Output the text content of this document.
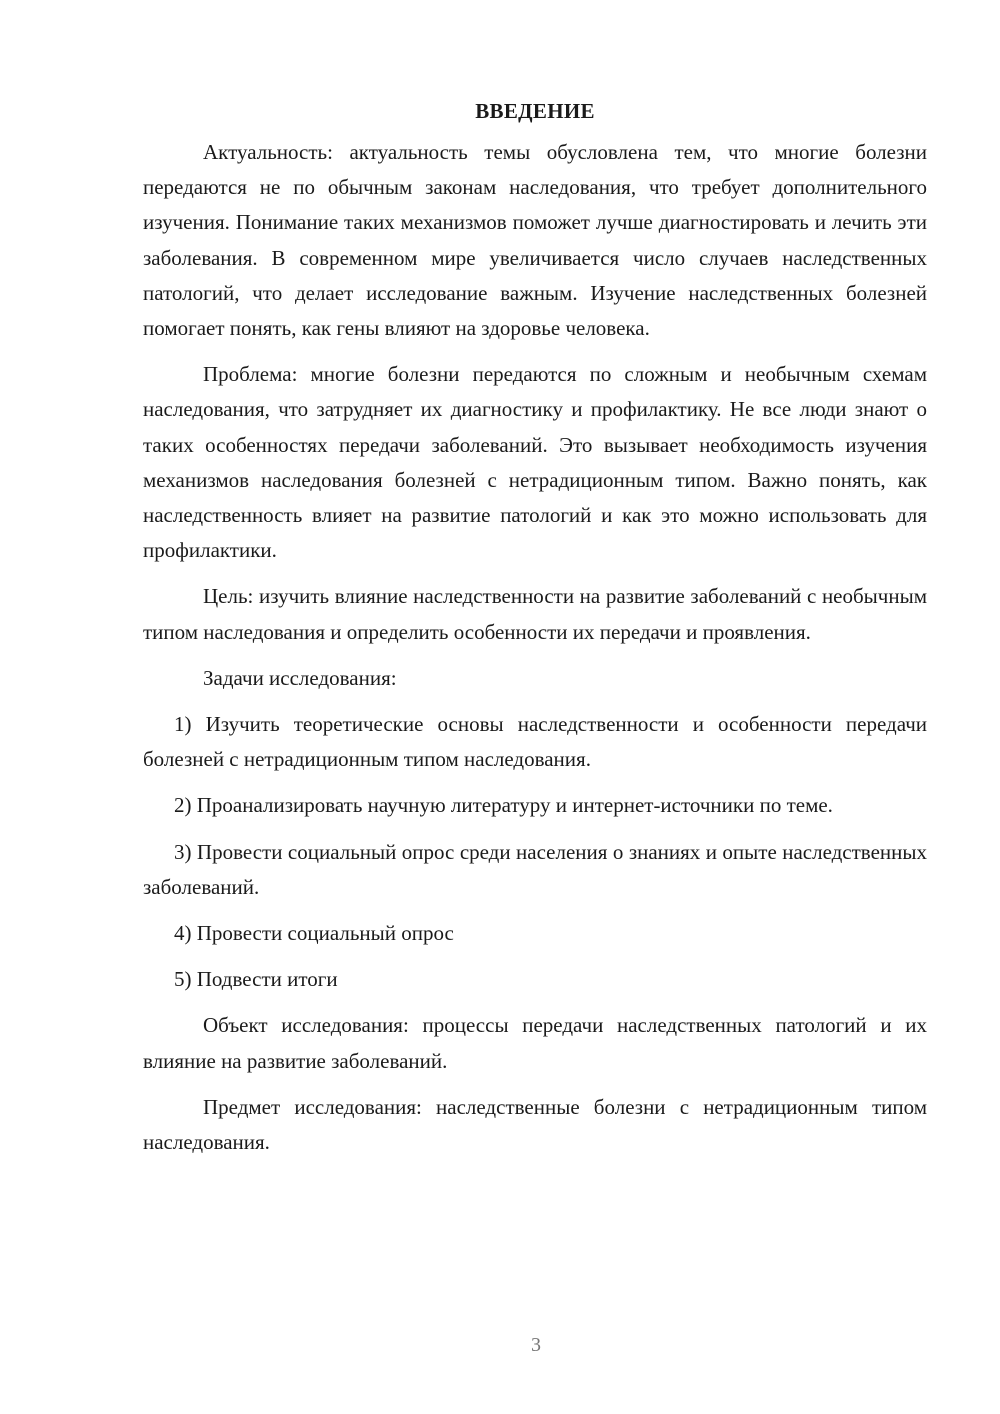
ВВЕДЕНИЕ

Актуальность: актуальность темы обусловлена тем, что многие болезни передаются не по обычным законам наследования, что требует дополнительного изучения. Понимание таких механизмов поможет лучше диагностировать и лечить эти заболевания. В современном мире увеличивается число случаев наследственных патологий, что делает исследование важным. Изучение наследственных болезней помогает понять, как гены влияют на здоровье человека.

Проблема: многие болезни передаются по сложным и необычным схемам наследования, что затрудняет их диагностику и профилактику. Не все люди знают о таких особенностях передачи заболеваний. Это вызывает необходимость изучения механизмов наследования болезней с нетрадиционным типом. Важно понять, как наследственность влияет на развитие патологий и как это можно использовать для профилактики.

Цель: изучить влияние наследственности на развитие заболеваний с необычным типом наследования и определить особенности их передачи и проявления.

Задачи исследования:

1) Изучить теоретические основы наследственности и особенности передачи болезней с нетрадиционным типом наследования.

2) Проанализировать научную литературу и интернет-источники по теме.

3) Провести социальный опрос среди населения о знаниях и опыте наследственных заболеваний.

4) Провести социальный опрос

5) Подвести итоги

Объект исследования: процессы передачи наследственных патологий и их влияние на развитие заболеваний.

Предмет исследования: наследственные болезни с нетрадиционным типом наследования.

3
